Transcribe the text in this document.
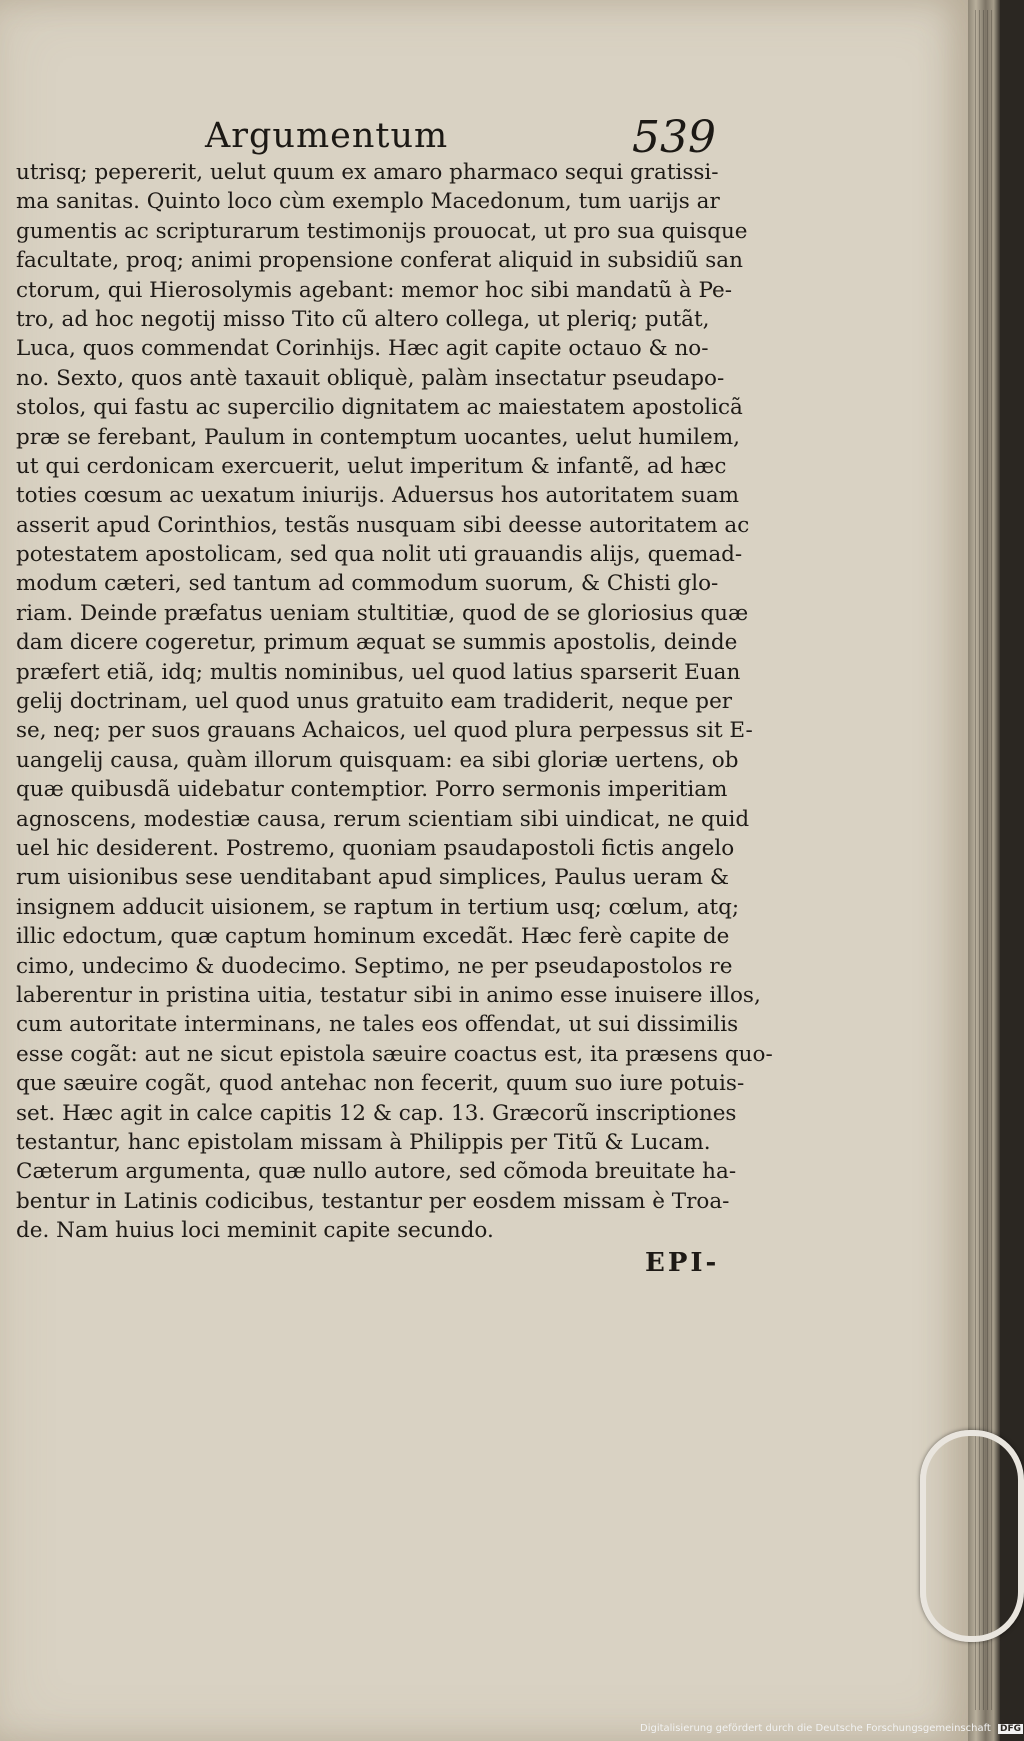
Argumentum	539
utrisq; pepererit, uelut quum ex amaro pharmaco sequi gratissi-
ma sanitas. Quinto loco cùm exemplo Macedonum, tum uarijs ar
gumentis ac scripturarum testimonijs prouocat, ut pro sua quisque
facultate, proq; animi propensione conferat aliquid in subsidiũ san
ctorum, qui Hierosolymis agebant: memor hoc sibi mandatũ à Pe-
tro, ad hoc negotij misso Tito cũ altero collega, ut pleriq; putãt,
Luca, quos commendat Corinhijs. Hæc agit capite octauo & no-
no. Sexto, quos antè taxauit obliquè, palàm insectatur pseudapo-
stolos, qui fastu ac supercilio dignitatem ac maiestatem apostolicã
præ se ferebant, Paulum in contemptum uocantes, uelut humilem,
ut qui cerdonicam exercuerit, uelut imperitum & infantẽ, ad hæc
toties cœsum ac uexatum iniurijs. Aduersus hos autoritatem suam
asserit apud Corinthios, testãs nusquam sibi deesse autoritatem ac
potestatem apostolicam, sed qua nolit uti grauandis alijs, quemad-
modum cæteri, sed tantum ad commodum suorum, & Chisti glo-
riam. Deinde præfatus ueniam stultitiæ, quod de se gloriosius quæ
dam dicere cogeretur, primum æquat se summis apostolis, deinde
præfert etiã, idq; multis nominibus, uel quod latius sparserit Euan
gelij doctrinam, uel quod unus gratuito eam tradiderit, neque per
se, neq; per suos grauans Achaicos, uel quod plura perpessus sit E-
uangelij causa, quàm illorum quisquam: ea sibi gloriæ uertens, ob
quæ quibusdã uidebatur contemptior. Porro sermonis imperitiam
agnoscens, modestiæ causa, rerum scientiam sibi uindicat, ne quid
uel hic desiderent. Postremo, quoniam psaudapostoli fictis angelo
rum uisionibus sese uenditabant apud simplices, Paulus ueram &
insignem adducit uisionem, se raptum in tertium usq; cœlum, atq;
illic edoctum, quæ captum hominum excedãt. Hæc ferè capite de
cimo, undecimo & duodecimo. Septimo, ne per pseudapostolos re
laberentur in pristina uitia, testatur sibi in animo esse inuisere illos,
cum autoritate interminans, ne tales eos offendat, ut sui dissimilis
esse cogãt: aut ne sicut epistola sæuire coactus est, ita præsens quo-
que sæuire cogãt, quod antehac non fecerit, quum suo iure potuis-
set. Hæc agit in calce capitis 12 & cap. 13. Græcorũ inscriptiones
testantur, hanc epistolam missam à Philippis per Titũ & Lucam.
Cæterum argumenta, quæ nullo autore, sed cõmoda breuitate ha-
bentur in Latinis codicibus, testantur per eosdem missam è Troa-
de. Nam huius loci meminit capite secundo.
EPI-
Digitalisierung gefördert durch die Deutsche Forschungsgemeinschaft DFG
